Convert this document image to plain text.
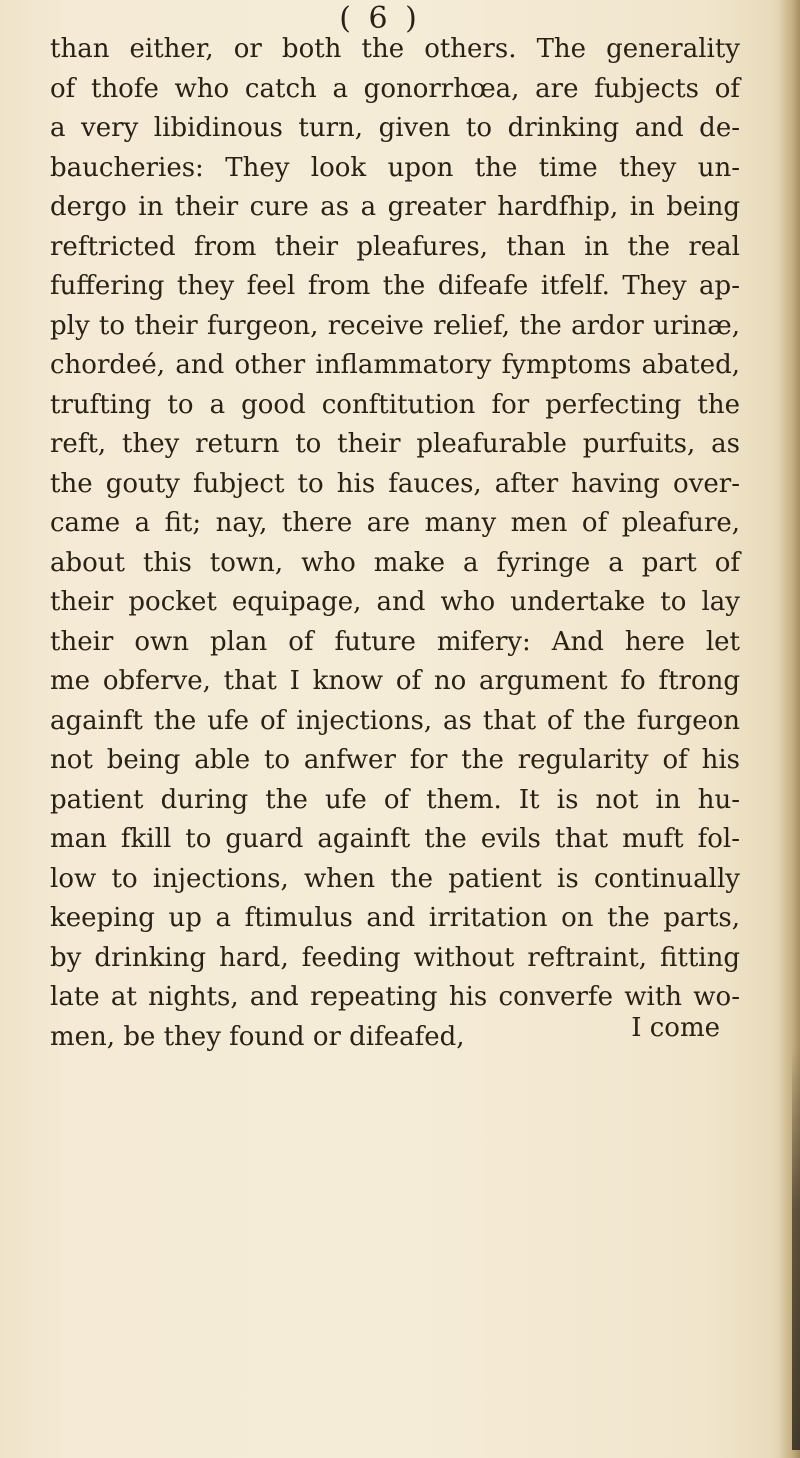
( 6 )
than either, or both the others. The generality
of thofe who catch a gonorrhœa, are fubjects of
a very libidinous turn, given to drinking and de-
baucheries: They look upon the time they un-
dergo in their cure as a greater hardfhip, in being
reftricted from their pleafures, than in the real
fuffering they feel from the difeafe itfelf. They ap-
ply to their furgeon, receive relief, the ardor urinæ,
chordeé, and other inflammatory fymptoms abated,
trufting to a good conftitution for perfecting the
reft, they return to their pleafurable purfuits, as
the gouty fubject to his fauces, after having over-
came a fit; nay, there are many men of pleafure,
about this town, who make a fyringe a part of
their pocket equipage, and who undertake to lay
their own plan of future mifery: And here let
me obferve, that I know of no argument fo ftrong
againft the ufe of injections, as that of the furgeon
not being able to anfwer for the regularity of his
patient during the ufe of them. It is not in hu-
man fkill to guard againft the evils that muft fol-
low to injections, when the patient is continually
keeping up a ftimulus and irritation on the parts,
by drinking hard, feeding without reftraint, fitting
late at nights, and repeating his converfe with wo-
men, be they found or difeafed,	I come
